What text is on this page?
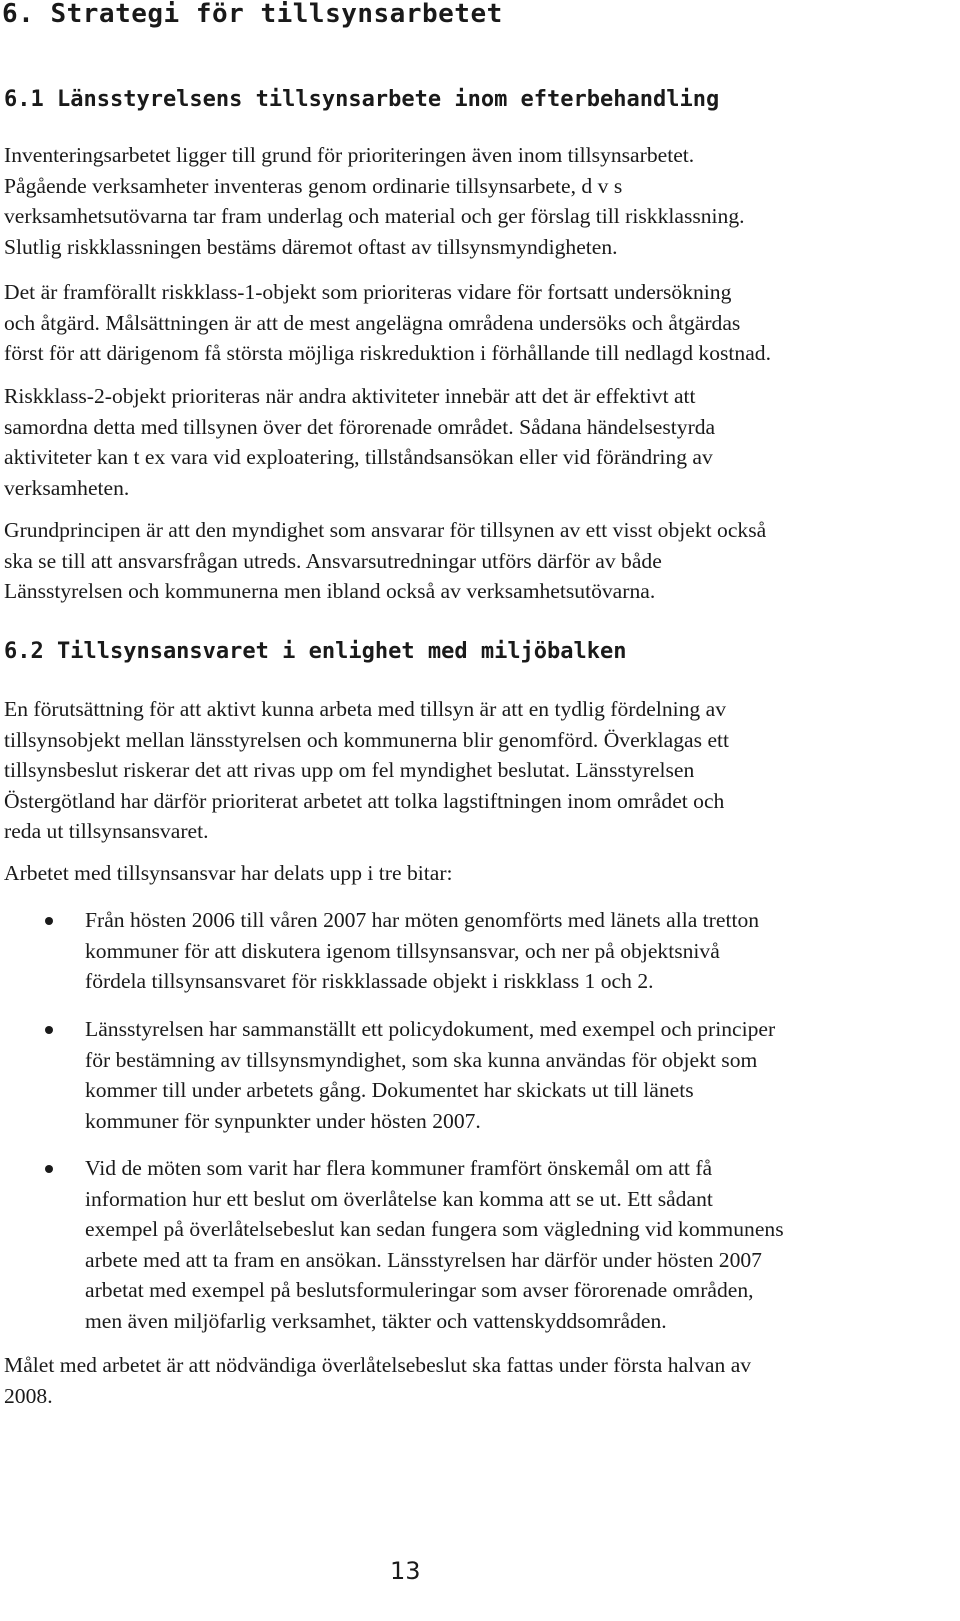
6. Strategi för tillsynsarbetet
6.1 Länsstyrelsens tillsynsarbete inom efterbehandling

Inventeringsarbetet ligger till grund för prioriteringen även inom tillsynsarbetet.
Pågående verksamheter inventeras genom ordinarie tillsynsarbete, d v s
verksamhetsutövarna tar fram underlag och material och ger förslag till riskklassning.
Slutlig riskklassningen bestäms däremot oftast av tillsynsmyndigheten.

Det är framförallt riskklass-1-objekt som prioriteras vidare för fortsatt undersökning
och åtgärd. Målsättningen är att de mest angelägna områdena undersöks och åtgärdas
först för att därigenom få största möjliga riskreduktion i förhållande till nedlagd kostnad.

Riskklass-2-objekt prioriteras när andra aktiviteter innebär att det är effektivt att
samordna detta med tillsynen över det förorenade området. Sådana händelsestyrda
aktiviteter kan t ex vara vid exploatering, tillståndsansökan eller vid förändring av
verksamheten.

Grundprincipen är att den myndighet som ansvarar för tillsynen av ett visst objekt också
ska se till att ansvarsfrågan utreds. Ansvarsutredningar utförs därför av både
Länsstyrelsen och kommunerna men ibland också av verksamhetsutövarna.

6.2 Tillsynsansvaret i enlighet med miljöbalken

En förutsättning för att aktivt kunna arbeta med tillsyn är att en tydlig fördelning av
tillsynsobjekt mellan länsstyrelsen och kommunerna blir genomförd. Överklagas ett
tillsynsbeslut riskerar det att rivas upp om fel myndighet beslutat. Länsstyrelsen
Östergötland har därför prioriterat arbetet att tolka lagstiftningen inom området och
reda ut tillsynsansvaret.

Arbetet med tillsynsansvar har delats upp i tre bitar:

Från hösten 2006 till våren 2007 har möten genomförts med länets alla tretton
kommuner för att diskutera igenom tillsynsansvar, och ner på objektsnivå
fördela tillsynsansvaret för riskklassade objekt i riskklass 1 och 2.
Länsstyrelsen har sammanställt ett policydokument, med exempel och principer
för bestämning av tillsynsmyndighet, som ska kunna användas för objekt som
kommer till under arbetets gång. Dokumentet har skickats ut till länets
kommuner för synpunkter under hösten 2007.
Vid de möten som varit har flera kommuner framfört önskemål om att få
information hur ett beslut om överlåtelse kan komma att se ut. Ett sådant
exempel på överlåtelsebeslut kan sedan fungera som vägledning vid kommunens
arbete med att ta fram en ansökan. Länsstyrelsen har därför under hösten 2007
arbetat med exempel på beslutsformuleringar som avser förorenade områden,
men även miljöfarlig verksamhet, täkter och vattenskyddsområden.

Målet med arbetet är att nödvändiga överlåtelsebeslut ska fattas under första halvan av
2008.

13
